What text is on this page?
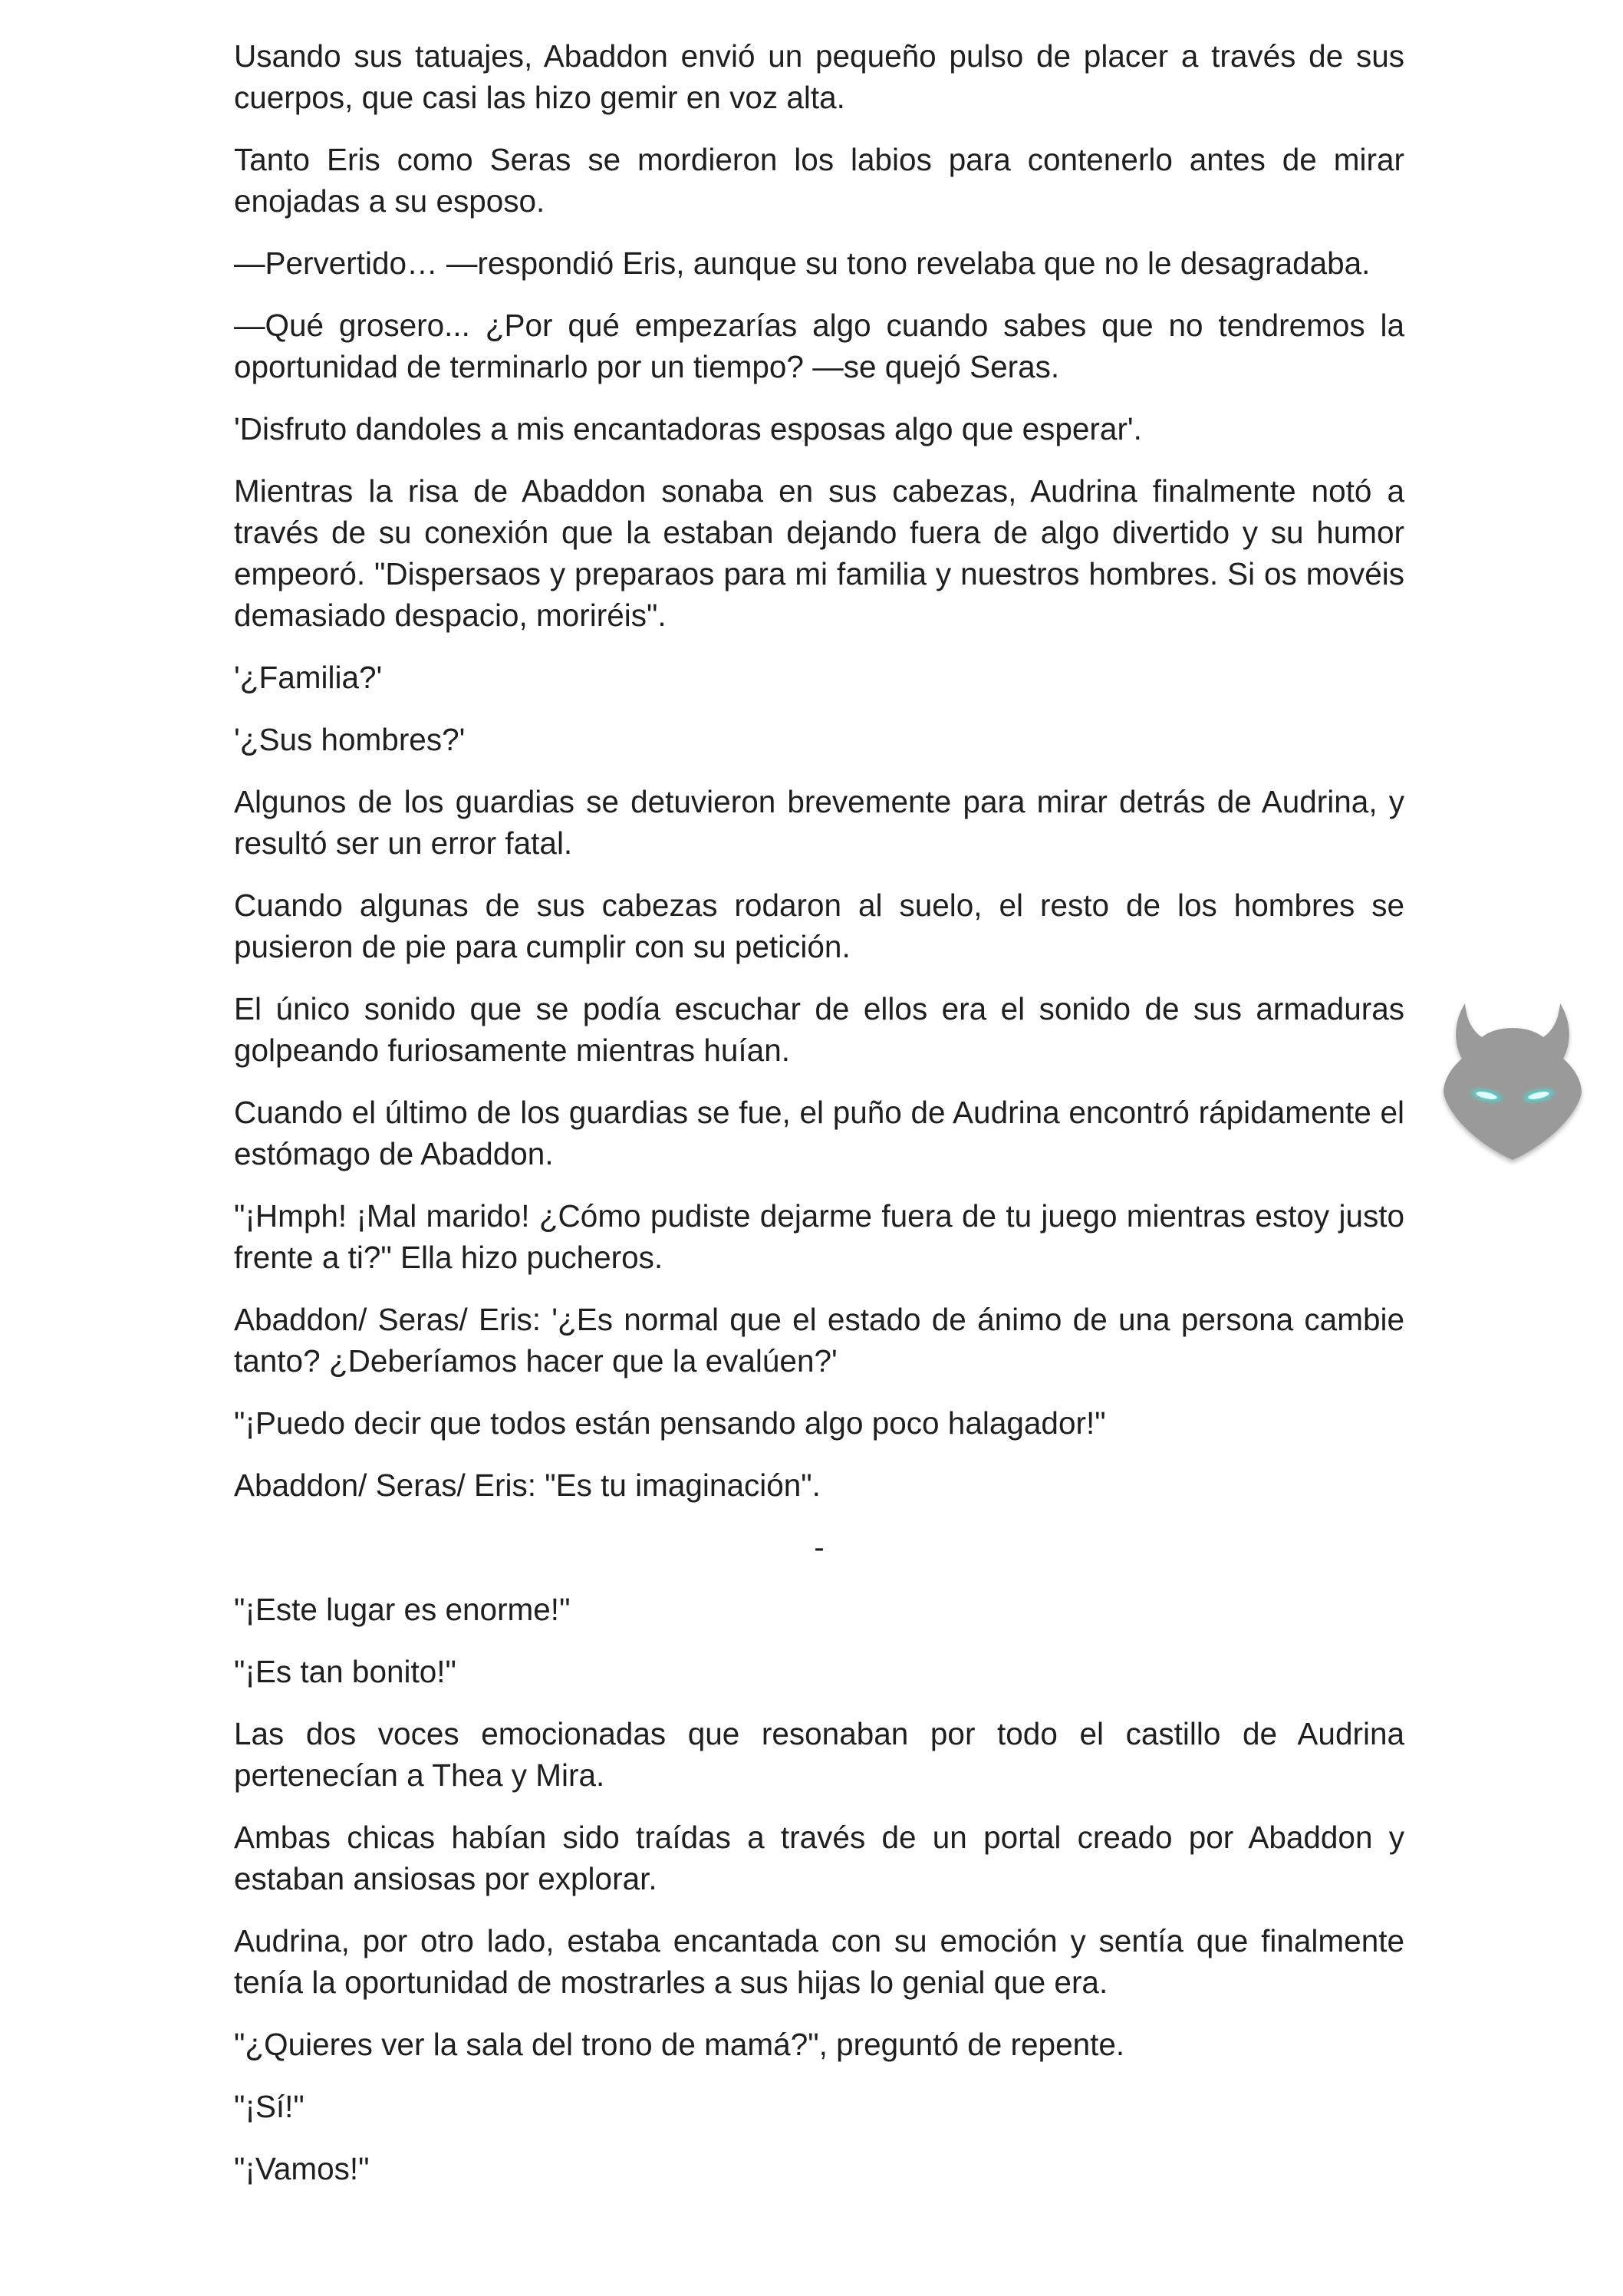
Usando sus tatuajes, Abaddon envió un pequeño pulso de placer a través de sus cuerpos, que casi las hizo gemir en voz alta.

Tanto Eris como Seras se mordieron los labios para contenerlo antes de mirar enojadas a su esposo.

—Pervertido… —respondió Eris, aunque su tono revelaba que no le desagradaba.

—Qué grosero... ¿Por qué empezarías algo cuando sabes que no tendremos la oportunidad de terminarlo por un tiempo? —se quejó Seras.

'Disfruto dandoles a mis encantadoras esposas algo que esperar'.

Mientras la risa de Abaddon sonaba en sus cabezas, Audrina finalmente notó a través de su conexión que la estaban dejando fuera de algo divertido y su humor empeoró. "Dispersaos y preparaos para mi familia y nuestros hombres. Si os movéis demasiado despacio, moriréis".

'¿Familia?'

'¿Sus hombres?'

Algunos de los guardias se detuvieron brevemente para mirar detrás de Audrina, y resultó ser un error fatal.

Cuando algunas de sus cabezas rodaron al suelo, el resto de los hombres se pusieron de pie para cumplir con su petición.

El único sonido que se podía escuchar de ellos era el sonido de sus armaduras golpeando furiosamente mientras huían.

Cuando el último de los guardias se fue, el puño de Audrina encontró rápidamente el estómago de Abaddon.

"¡Hmph! ¡Mal marido! ¿Cómo pudiste dejarme fuera de tu juego mientras estoy justo frente a ti?" Ella hizo pucheros.

Abaddon/ Seras/ Eris: '¿Es normal que el estado de ánimo de una persona cambie tanto? ¿Deberíamos hacer que la evalúen?'

"¡Puedo decir que todos están pensando algo poco halagador!"

Abaddon/ Seras/ Eris: "Es tu imaginación".

-

"¡Este lugar es enorme!"

"¡Es tan bonito!"

Las dos voces emocionadas que resonaban por todo el castillo de Audrina pertenecían a Thea y Mira.

Ambas chicas habían sido traídas a través de un portal creado por Abaddon y estaban ansiosas por explorar.

Audrina, por otro lado, estaba encantada con su emoción y sentía que finalmente tenía la oportunidad de mostrarles a sus hijas lo genial que era.

"¿Quieres ver la sala del trono de mamá?", preguntó de repente.

"¡Sí!"

"¡Vamos!"
